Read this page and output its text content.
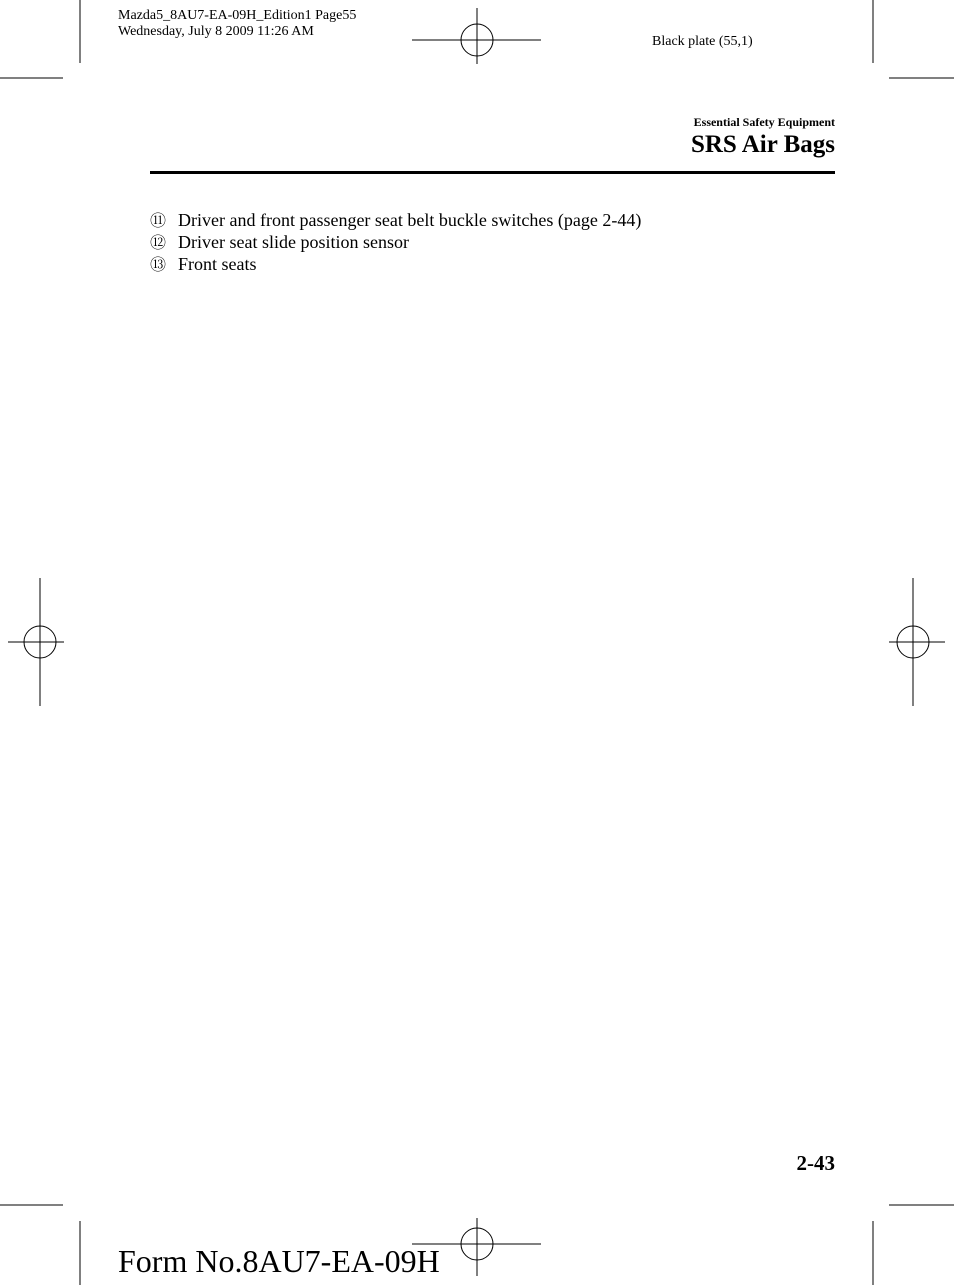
Mazda5_8AU7-EA-09H_Edition1 Page55
Wednesday, July 8 2009 11:26 AM
Black plate (55,1)
Essential Safety Equipment
SRS Air Bags
⑪ Driver and front passenger seat belt buckle switches (page 2-44)
⑫ Driver seat slide position sensor
⑬ Front seats
2-43
Form No.8AU7-EA-09H
